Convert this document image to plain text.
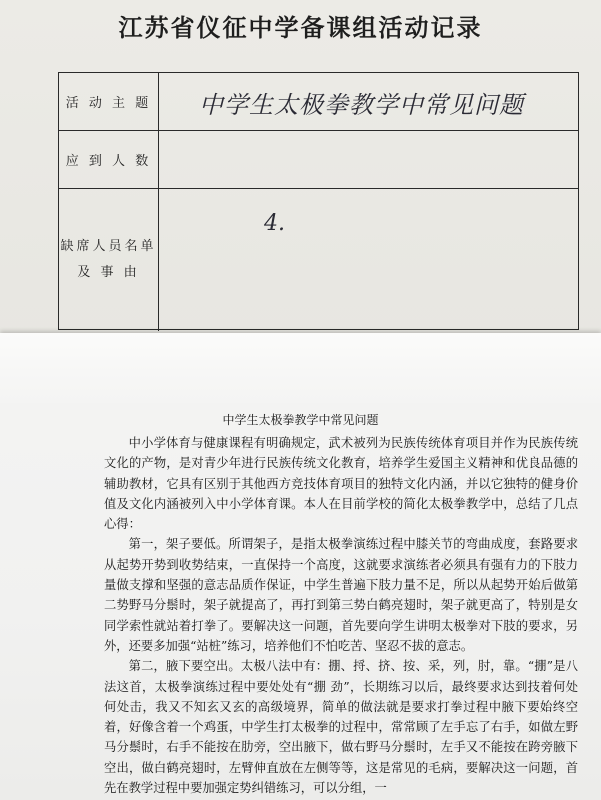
江苏省仪征中学备课组活动记录
活 动 主 题	中学生太极拳教学中常见问题
应 到 人 数
4.
缺席人员名单
及 事 由
中学生太极拳教学中常见问题

中小学体育与健康课程有明确规定，武术被列为民族传统体育项目并作为民族传统文化的产物，是对青少年进行民族传统文化教育，培养学生爱国主义精神和优良品德的辅助教材，它具有区别于其他西方竞技体育项目的独特文化内涵，并以它独特的健身价值及文化内涵被列入中小学体育课。本人在目前学校的简化太极拳教学中，总结了几点心得：

第一，架子要低。所谓架子，是指太极拳演练过程中膝关节的弯曲成度，套路要求从起势开势到收势结束，一直保持一个高度，这就要求演练者必须具有强有力的下肢力量做支撑和坚强的意志品质作保证，中学生普遍下肢力量不足，所以从起势开始后做第二势野马分鬃时，架子就提高了，再打到第三势白鹤亮翅时，架子就更高了，特别是女同学索性就站着打拳了。要解决这一问题，首先要向学生讲明太极拳对下肢的要求，另外，还要多加强“站桩”练习，培养他们不怕吃苦、坚忍不拔的意志。

第二，腋下要空出。太极八法中有：掤、捋、挤、按、采，列，肘，靠。“掤”是八法这首，太极拳演练过程中要处处有“掤 劲”，长期练习以后，最终要求达到技着何处 何处击，我又不知玄又玄的高级境界，简单的做法就是要求打拳过程中腋下要始终空着，好像含着一个鸡蛋，中学生打太极拳的过程中，常常顾了左手忘了右手，如做左野马分鬃时，右手不能按在肋旁，空出腋下，做右野马分鬃时，左手又不能按在跨旁腋下空出，做白鹤亮翅时，左臂伸直放在左侧等等，这是常见的毛病，要解决这一问题，首先在教学过程中要加强定势纠错练习，可以分组，一
